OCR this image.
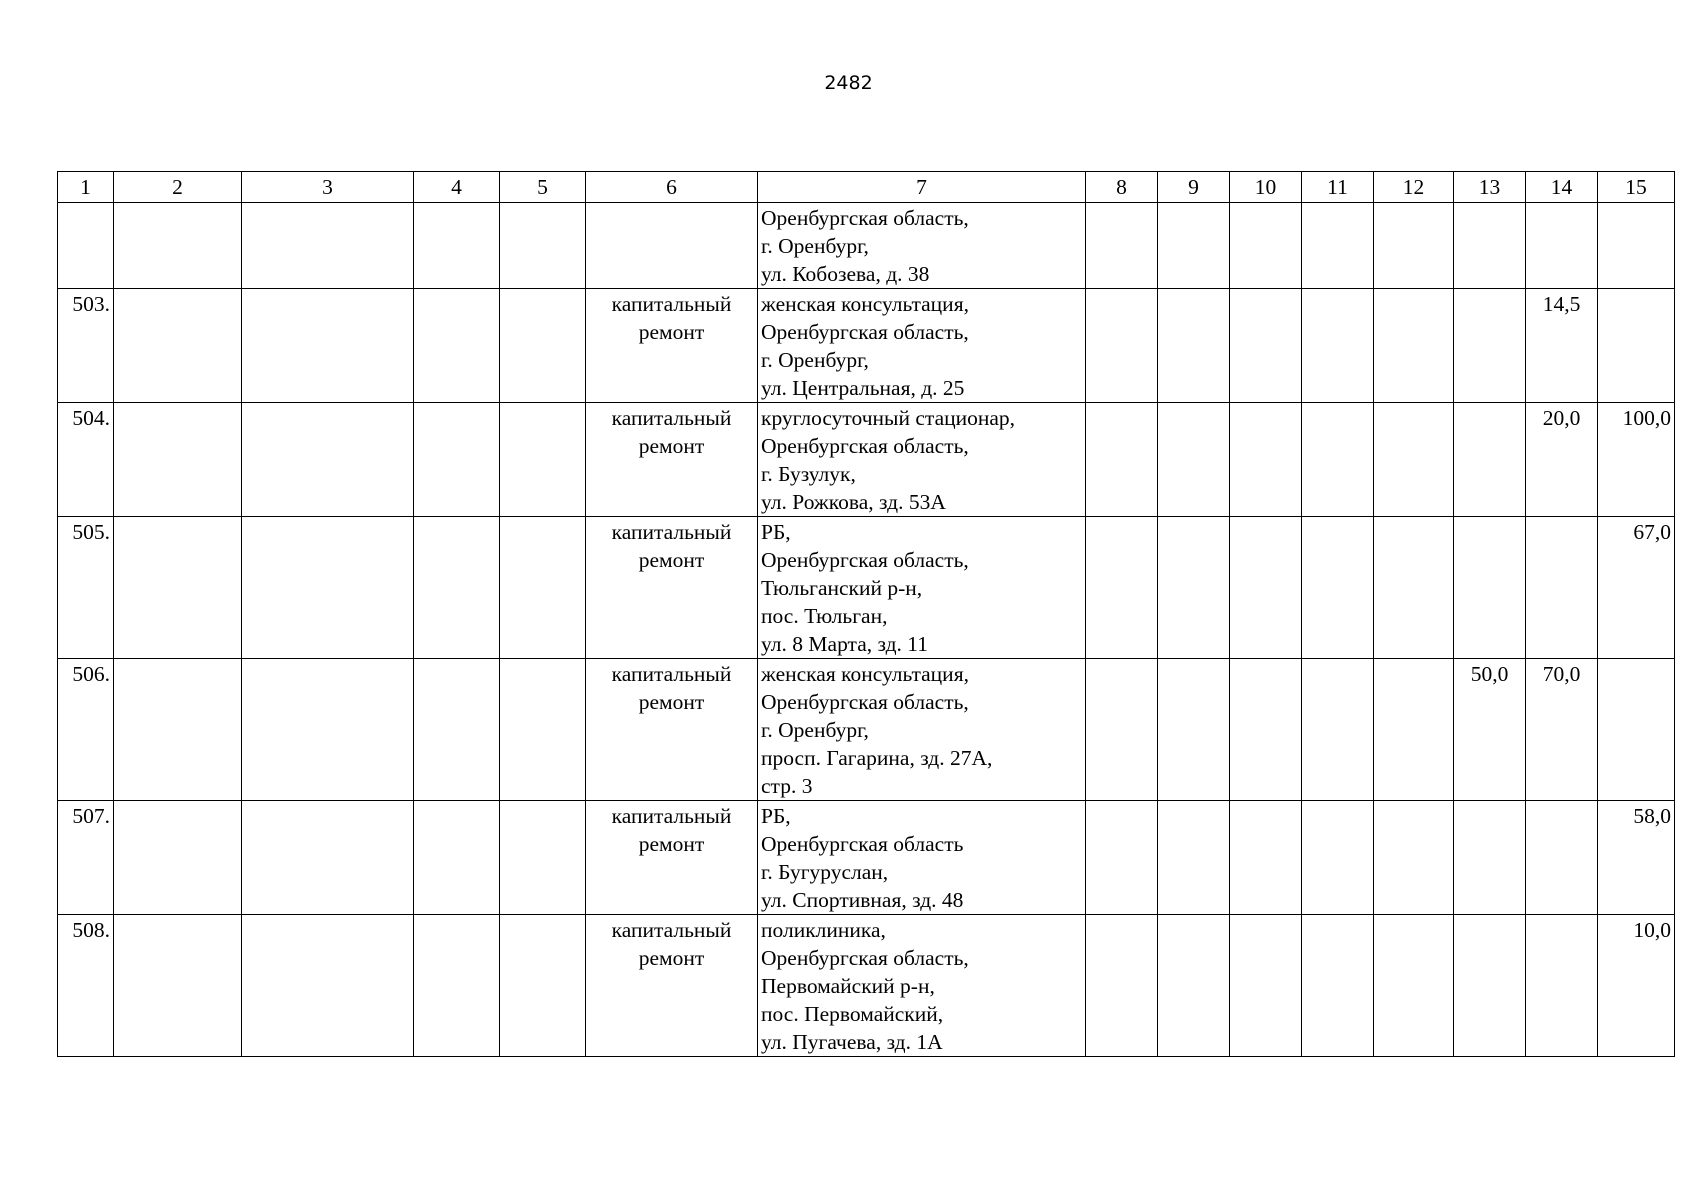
2482
1	2	3	4	5	6	7	8	9	10	11	12	13	14	15

						Оренбургская область,
г. Оренбург,
ул. Кобозева, д. 38								

503.					капитальный
ремонт	женская консультация,
Оренбургская область,
г. Оренбург,
ул. Центральная, д. 25							14,5	
504.					капитальный
ремонт	круглосуточный стационар,
Оренбургская область,
г. Бузулук,
ул. Рожкова, зд. 53А							20,0	100,0
505.					капитальный
ремонт	РБ,
Оренбургская область,
Тюльганский р-н,
пос. Тюльган,
ул. 8 Марта, зд. 11								67,0
506.					капитальный
ремонт	женская консультация,
Оренбургская область,
г. Оренбург,
просп. Гагарина, зд. 27А,
стр. 3						50,0	70,0	
507.					капитальный
ремонт	РБ,
Оренбургская область
г. Бугуруслан,
ул. Спортивная, зд. 48								58,0
508.					капитальный
ремонт	поликлиника,
Оренбургская область,
Первомайский р-н,
пос. Первомайский,
ул. Пугачева, зд. 1А								10,0
